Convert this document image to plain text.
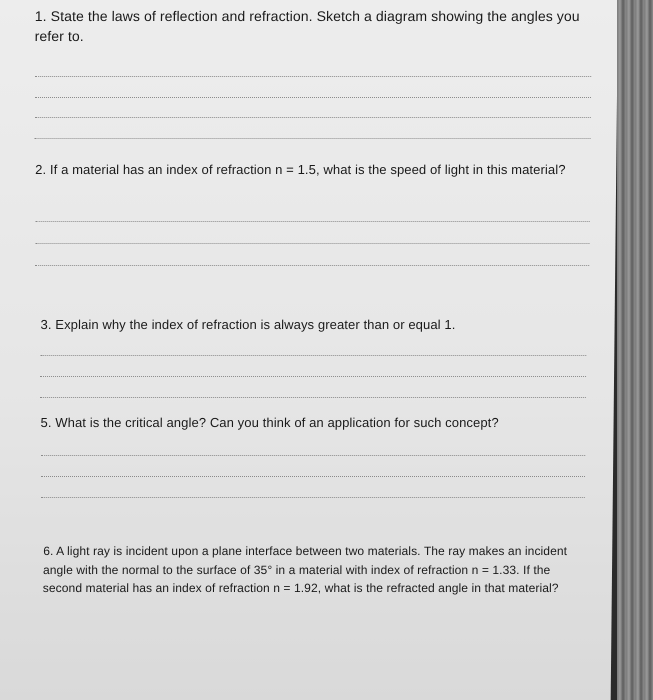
1. State the laws of reflection and refraction. Sketch a diagram showing the angles you refer to.
2. If a material has an index of refraction n = 1.5, what is the speed of light in this material?
3. Explain why the index of refraction is always greater than or equal 1.
5. What is the critical angle? Can you think of an application for such concept?
6. A light ray is incident upon a plane interface between two materials. The ray makes an incident angle with the normal to the surface of 35° in a material with index of refraction n = 1.33. If the second material has an index of refraction n = 1.92, what is the refracted angle in that material?
